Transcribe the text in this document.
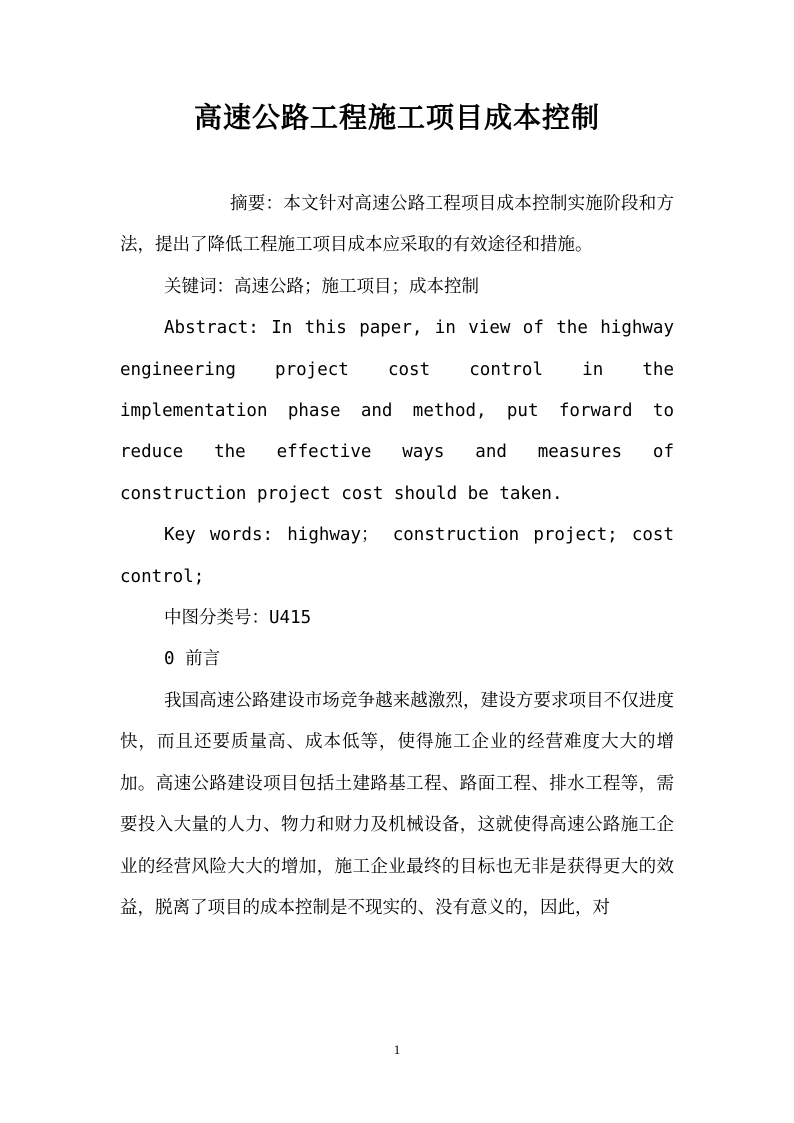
高速公路工程施工项目成本控制

摘要：本文针对高速公路工程项目成本控制实施阶段和方法，提出了降低工程施工项目成本应采取的有效途径和措施。

关键词：高速公路；施工项目；成本控制

Abstract: In this paper, in view of the highway engineering project cost control in the implementation phase and method, put forward to reduce the effective ways and measures of construction project cost should be taken.

Key words: highway； construction project; cost control;

中图分类号：U415

0 前言

我国高速公路建设市场竞争越来越激烈，建设方要求项目不仅进度快，而且还要质量高、成本低等，使得施工企业的经营难度大大的增加。高速公路建设项目包括土建路基工程、路面工程、排水工程等，需要投入大量的人力、物力和财力及机械设备，这就使得高速公路施工企业的经营风险大大的增加，施工企业最终的目标也无非是获得更大的效益，脱离了项目的成本控制是不现实的、没有意义的，因此，对

1
